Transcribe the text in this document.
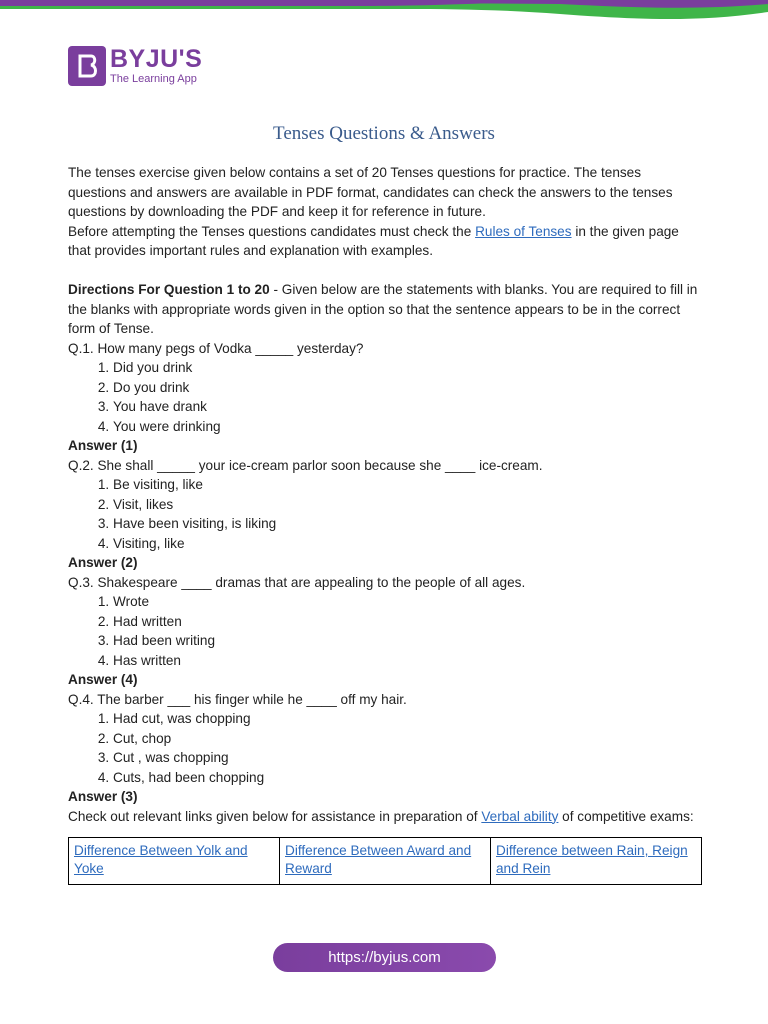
BYJU'S
The Learning App
Tenses Questions & Answers

The tenses exercise given below contains a set of 20 Tenses questions for practice. The tenses questions and answers are available in PDF format, candidates can check the answers to the tenses questions by downloading the PDF and keep it for reference in future.

Before attempting the Tenses questions candidates must check the Rules of Tenses in the given page that provides important rules and explanation with examples.

Directions For Question 1 to 20 - Given below are the statements with blanks. You are required to fill in the blanks with appropriate words given in the option so that the sentence appears to be in the correct form of Tense.

Q.1. How many pegs of Vodka _____ yesterday?

1. Did you drink
2. Do you drink
3. You have drank
4. You were drinking

Answer (1)

Q.2. She shall _____ your ice-cream parlor soon because she ____ ice-cream.

1. Be visiting, like
2. Visit, likes
3. Have been visiting, is liking
4. Visiting, like

Answer (2)

Q.3. Shakespeare ____ dramas that are appealing to the people of all ages.

1. Wrote
2. Had written
3. Had been writing
4. Has written

Answer (4)

Q.4. The barber ___ his finger while he ____ off my hair.

1. Had cut, was chopping
2. Cut, chop
3. Cut , was chopping
4. Cuts, had been chopping

Answer (3)

Check out relevant links given below for assistance in preparation of Verbal ability of competitive exams:

Difference Between Yolk and Yoke	Difference Between Award and Reward	Difference between Rain, Reign and Rein
https://byjus.com
